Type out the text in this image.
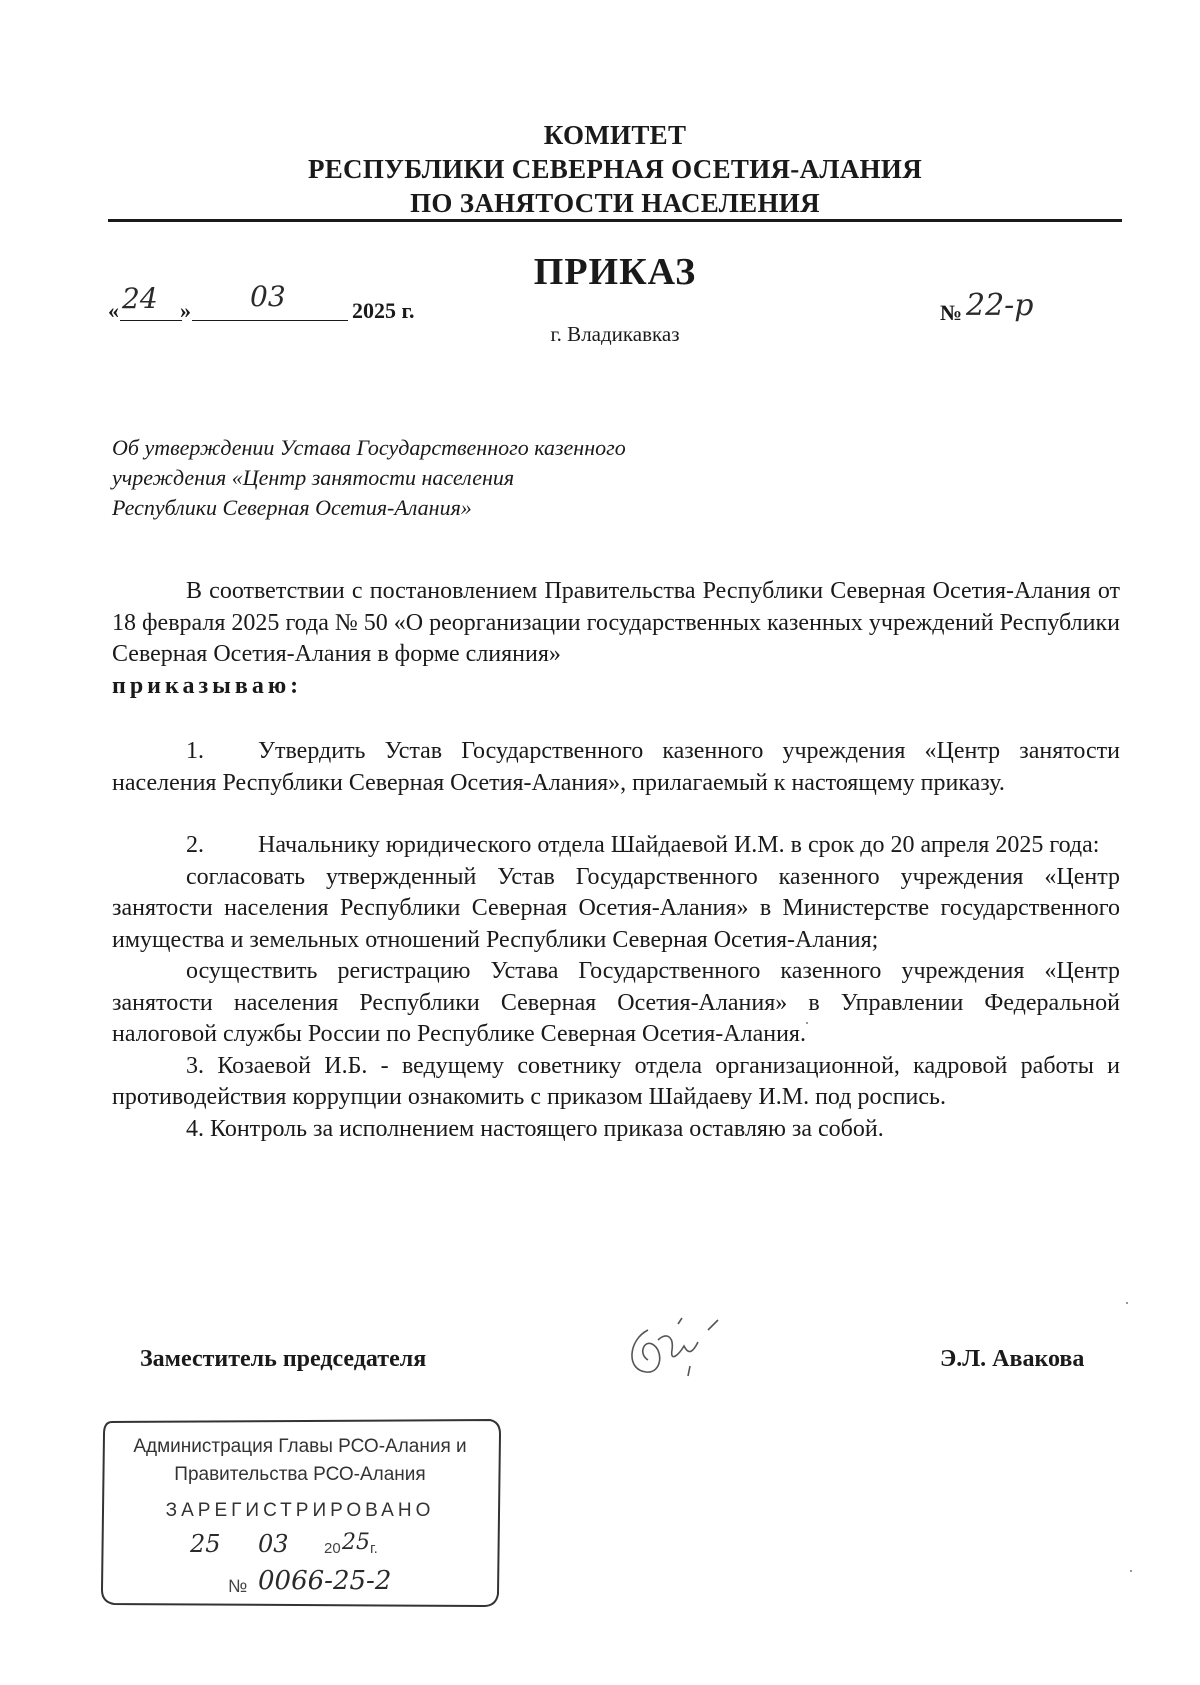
КОМИТЕТ
РЕСПУБЛИКИ СЕВЕРНАЯ ОСЕТИЯ-АЛАНИЯ
ПО ЗАНЯТОСТИ НАСЕЛЕНИЯ
ПРИКАЗ
« 24 » 03	2025 г.
г. Владикавказ
№ 22-р
Об утверждении Устава Государственного казенного
учреждения «Центр занятости населения
Республики Северная Осетия-Алания»

В соответствии с постановлением Правительства Республики Северная Осетия-Алания от 18 февраля 2025 года № 50 «О реорганизации государственных казенных учреждений Республики Северная Осетия-Алания в форме слияния»

приказываю:

1. Утвердить Устав Государственного казенного учреждения «Центр занятости населения Республики Северная Осетия-Алания», прилагаемый к настоящему приказу.

2. Начальнику юридического отдела Шайдаевой И.М. в срок до 20 апреля 2025 года:

согласовать утвержденный Устав Государственного казенного учреждения «Центр занятости населения Республики Северная Осетия-Алания» в Министерстве государственного имущества и земельных отношений Республики Северная Осетия-Алания;

осуществить регистрацию Устава Государственного казенного учреждения «Центр занятости населения Республики Северная Осетия-Алания» в Управлении Федеральной налоговой службы России по Республике Северная Осетия-Алания.

3. Козаевой И.Б. - ведущему советнику отдела организационной, кадровой работы и противодействия коррупции ознакомить с приказом Шайдаеву И.М. под роспись.

4. Контроль за исполнением настоящего приказа оставляю за собой.

Заместитель председателя	Э.Л. Авакова
Администрация Главы РСО-Алания и
Правительства РСО-Алания
ЗАРЕГИСТРИРОВАНО
25 03 20 25 г.
№ 0066-25-2
